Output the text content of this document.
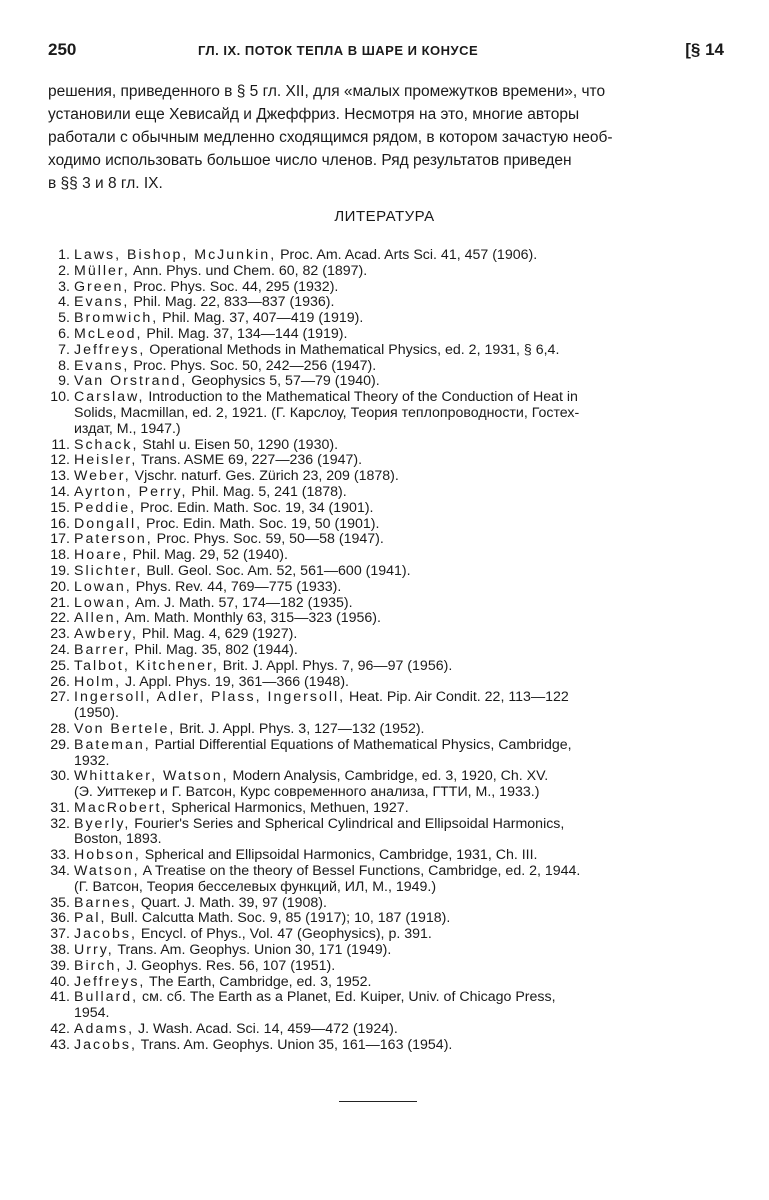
250	ГЛ. IX. ПОТОК ТЕПЛА В ШАРЕ И КОНУСЕ	[§ 14

решения, приведенного в § 5 гл. XII, для «малых промежутков времени», что
установили еще Хевисайд и Джеффриз. Несмотря на это, многие авторы
работали с обычным медленно сходящимся рядом, в котором зачастую необ-
ходимо использовать большое число членов. Ряд результатов приведен
в §§ 3 и 8 гл. IX.

ЛИТЕРАТУРА
1. Laws, Bishop, McJunkin, Proc. Am. Acad. Arts Sci. 41, 457 (1906).
2. Müller, Ann. Phys. und Chem. 60, 82 (1897).
3. Green, Proc. Phys. Soc. 44, 295 (1932).
4. Evans, Phil. Mag. 22, 833—837 (1936).
5. Bromwich, Phil. Mag. 37, 407—419 (1919).
6. McLeod, Phil. Mag. 37, 134—144 (1919).
7. Jeffreys, Operational Methods in Mathematical Physics, ed. 2, 1931, § 6,4.
8. Evans, Proc. Phys. Soc. 50, 242—256 (1947).
9. Van Orstrand, Geophysics 5, 57—79 (1940).
10. Carslaw, Introduction to the Mathematical Theory of the Conduction of Heat in
Solids, Macmillan, ed. 2, 1921. (Г. Карслоу, Теория теплопроводности, Гостех-
издат, М., 1947.)
11. Schack, Stahl u. Eisen 50, 1290 (1930).
12. Heisler, Trans. ASME 69, 227—236 (1947).
13. Weber, Vjschr. naturf. Ges. Zürich 23, 209 (1878).
14. Ayrton, Perry, Phil. Mag. 5, 241 (1878).
15. Peddie, Proc. Edin. Math. Soc. 19, 34 (1901).
16. Dongall, Proc. Edin. Math. Soc. 19, 50 (1901).
17. Paterson, Proc. Phys. Soc. 59, 50—58 (1947).
18. Hoare, Phil. Mag. 29, 52 (1940).
19. Slichter, Bull. Geol. Soc. Am. 52, 561—600 (1941).
20. Lowan, Phys. Rev. 44, 769—775 (1933).
21. Lowan, Am. J. Math. 57, 174—182 (1935).
22. Allen, Am. Math. Monthly 63, 315—323 (1956).
23. Awbery, Phil. Mag. 4, 629 (1927).
24. Barrer, Phil. Mag. 35, 802 (1944).
25. Talbot, Kitchener, Brit. J. Appl. Phys. 7, 96—97 (1956).
26. Holm, J. Appl. Phys. 19, 361—366 (1948).
27. Ingersoll, Adler, Plass, Ingersoll, Heat. Pip. Air Condit. 22, 113—122
(1950).
28. Von Bertele, Brit. J. Appl. Phys. 3, 127—132 (1952).
29. Bateman, Partial Differential Equations of Mathematical Physics, Cambridge,
1932.
30. Whittaker, Watson, Modern Analysis, Cambridge, ed. 3, 1920, Ch. XV.
(Э. Уиттекер и Г. Ватсон, Курс современного анализа, ГТТИ, М., 1933.)
31. MacRobert, Spherical Harmonics, Methuen, 1927.
32. Byerly, Fourier's Series and Spherical Cylindrical and Ellipsoidal Harmonics,
Boston, 1893.
33. Hobson, Spherical and Ellipsoidal Harmonics, Cambridge, 1931, Ch. III.
34. Watson, A Treatise on the theory of Bessel Functions, Cambridge, ed. 2, 1944.
(Г. Ватсон, Теория бесселевых функций, ИЛ, М., 1949.)
35. Barnes, Quart. J. Math. 39, 97 (1908).
36. Pal, Bull. Calcutta Math. Soc. 9, 85 (1917); 10, 187 (1918).
37. Jacobs, Encycl. of Phys., Vol. 47 (Geophysics), p. 391.
38. Urry, Trans. Am. Geophys. Union 30, 171 (1949).
39. Birch, J. Geophys. Res. 56, 107 (1951).
40. Jeffreys, The Earth, Cambridge, ed. 3, 1952.
41. Bullard, см. сб. The Earth as a Planet, Ed. Kuiper, Univ. of Chicago Press,
1954.
42. Adams, J. Wash. Acad. Sci. 14, 459—472 (1924).
43. Jacobs, Trans. Am. Geophys. Union 35, 161—163 (1954).
